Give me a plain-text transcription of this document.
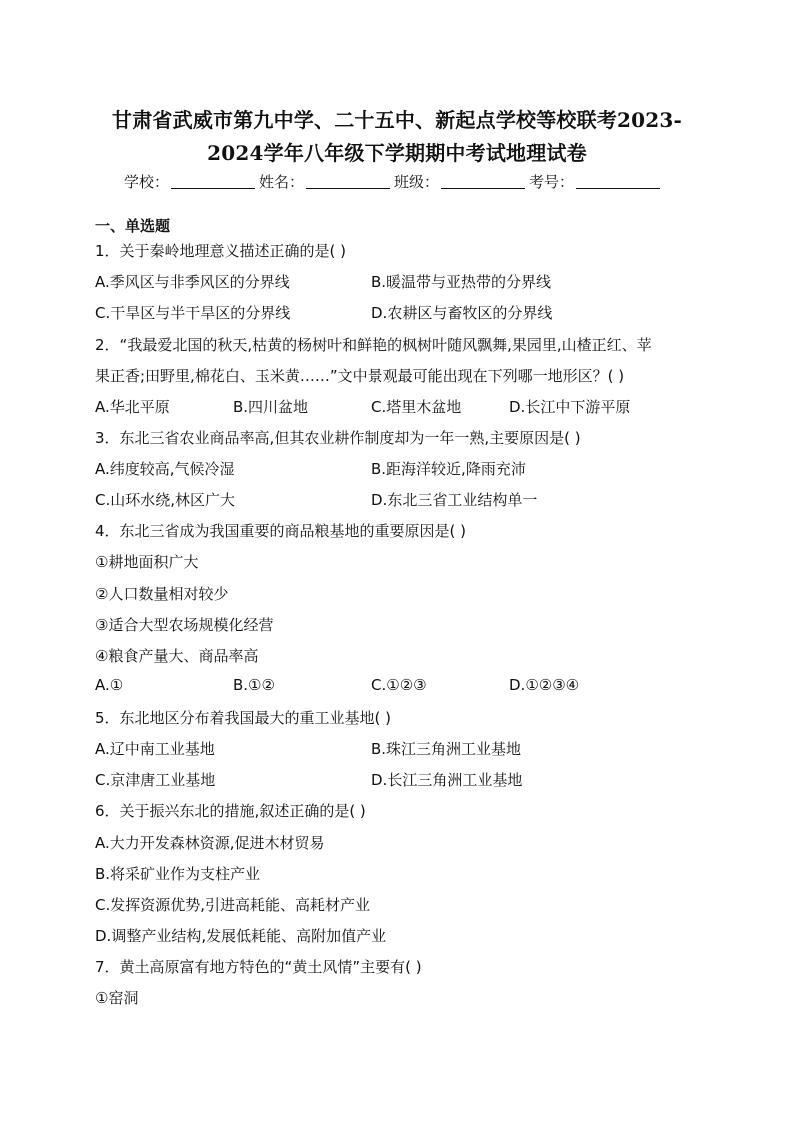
甘肃省武威市第九中学、二十五中、新起点学校等校联考2023-
2024学年八年级下学期期中考试地理试卷
学校：	姓名：	班级：	考号：
一、单选题
1．关于秦岭地理意义描述正确的是( )
A.季风区与非季风区的分界线	B.暖温带与亚热带的分界线
C.干旱区与半干旱区的分界线	D.农耕区与畜牧区的分界线
2．“我最爱北国的秋天,枯黄的杨树叶和鲜艳的枫树叶随风飘舞,果园里,山楂正红、苹
果正香;田野里,棉花白、玉米黄……”文中景观最可能出现在下列哪一地形区？( )
A.华北平原	B.四川盆地	C.塔里木盆地	D.长江中下游平原
3．东北三省农业商品率高,但其农业耕作制度却为一年一熟,主要原因是( )
A.纬度较高,气候冷湿	B.距海洋较近,降雨充沛
C.山环水绕,林区广大	D.东北三省工业结构单一
4．东北三省成为我国重要的商品粮基地的重要原因是( )
①耕地面积广大
②人口数量相对较少
③适合大型农场规模化经营
④粮食产量大、商品率高
A.①	B.①②	C.①②③	D.①②③④
5．东北地区分布着我国最大的重工业基地( )
A.辽中南工业基地	B.珠江三角洲工业基地
C.京津唐工业基地	D.长江三角洲工业基地
6．关于振兴东北的措施,叙述正确的是( )
A.大力开发森林资源,促进木材贸易
B.将采矿业作为支柱产业
C.发挥资源优势,引进高耗能、高耗材产业
D.调整产业结构,发展低耗能、高附加值产业
7．黄土高原富有地方特色的“黄土风情”主要有( )
①窑洞
